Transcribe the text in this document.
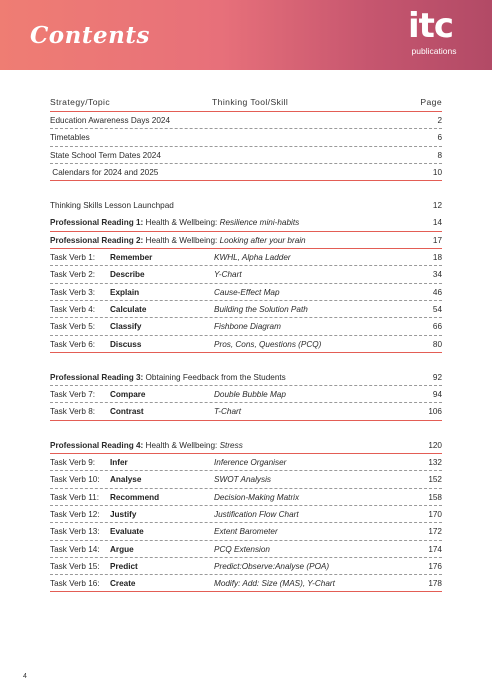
Contents	itc
publications
Strategy/Topic	Thinking Tool/Skill	Page
Education Awareness Days 2024	2
Timetables	6
State School Term Dates 2024	8
Calendars for 2024 and 2025	10
Thinking Skills Lesson Launchpad	12
Professional Reading 1: Health & Wellbeing: Resilience mini-habits	14
Professional Reading 2: Health & Wellbeing: Looking after your brain	17
Task Verb 1: Remember	KWHL, Alpha Ladder	18
Task Verb 2: Describe	Y-Chart	34
Task Verb 3: Explain	Cause-Effect Map	46
Task Verb 4: Calculate	Building the Solution Path	54
Task Verb 5: Classify	Fishbone Diagram	66
Task Verb 6: Discuss	Pros, Cons, Questions (PCQ)	80
Professional Reading 3: Obtaining Feedback from the Students	92
Task Verb 7: Compare	Double Bubble Map	94
Task Verb 8: Contrast	T-Chart	106
Professional Reading 4: Health & Wellbeing: Stress	120
Task Verb 9: Infer	Inference Organiser	132
Task Verb 10: Analyse	SWOT Analysis	152
Task Verb 11: Recommend	Decision-Making Matrix	158
Task Verb 12: Justify	Justification Flow Chart	170
Task Verb 13: Evaluate	Extent Barometer	172
Task Verb 14: Argue	PCQ Extension	174
Task Verb 15: Predict	Predict:Observe:Analyse (POA)	176
Task Verb 16: Create	Modify: Add: Size (MAS), Y-Chart	178
4
